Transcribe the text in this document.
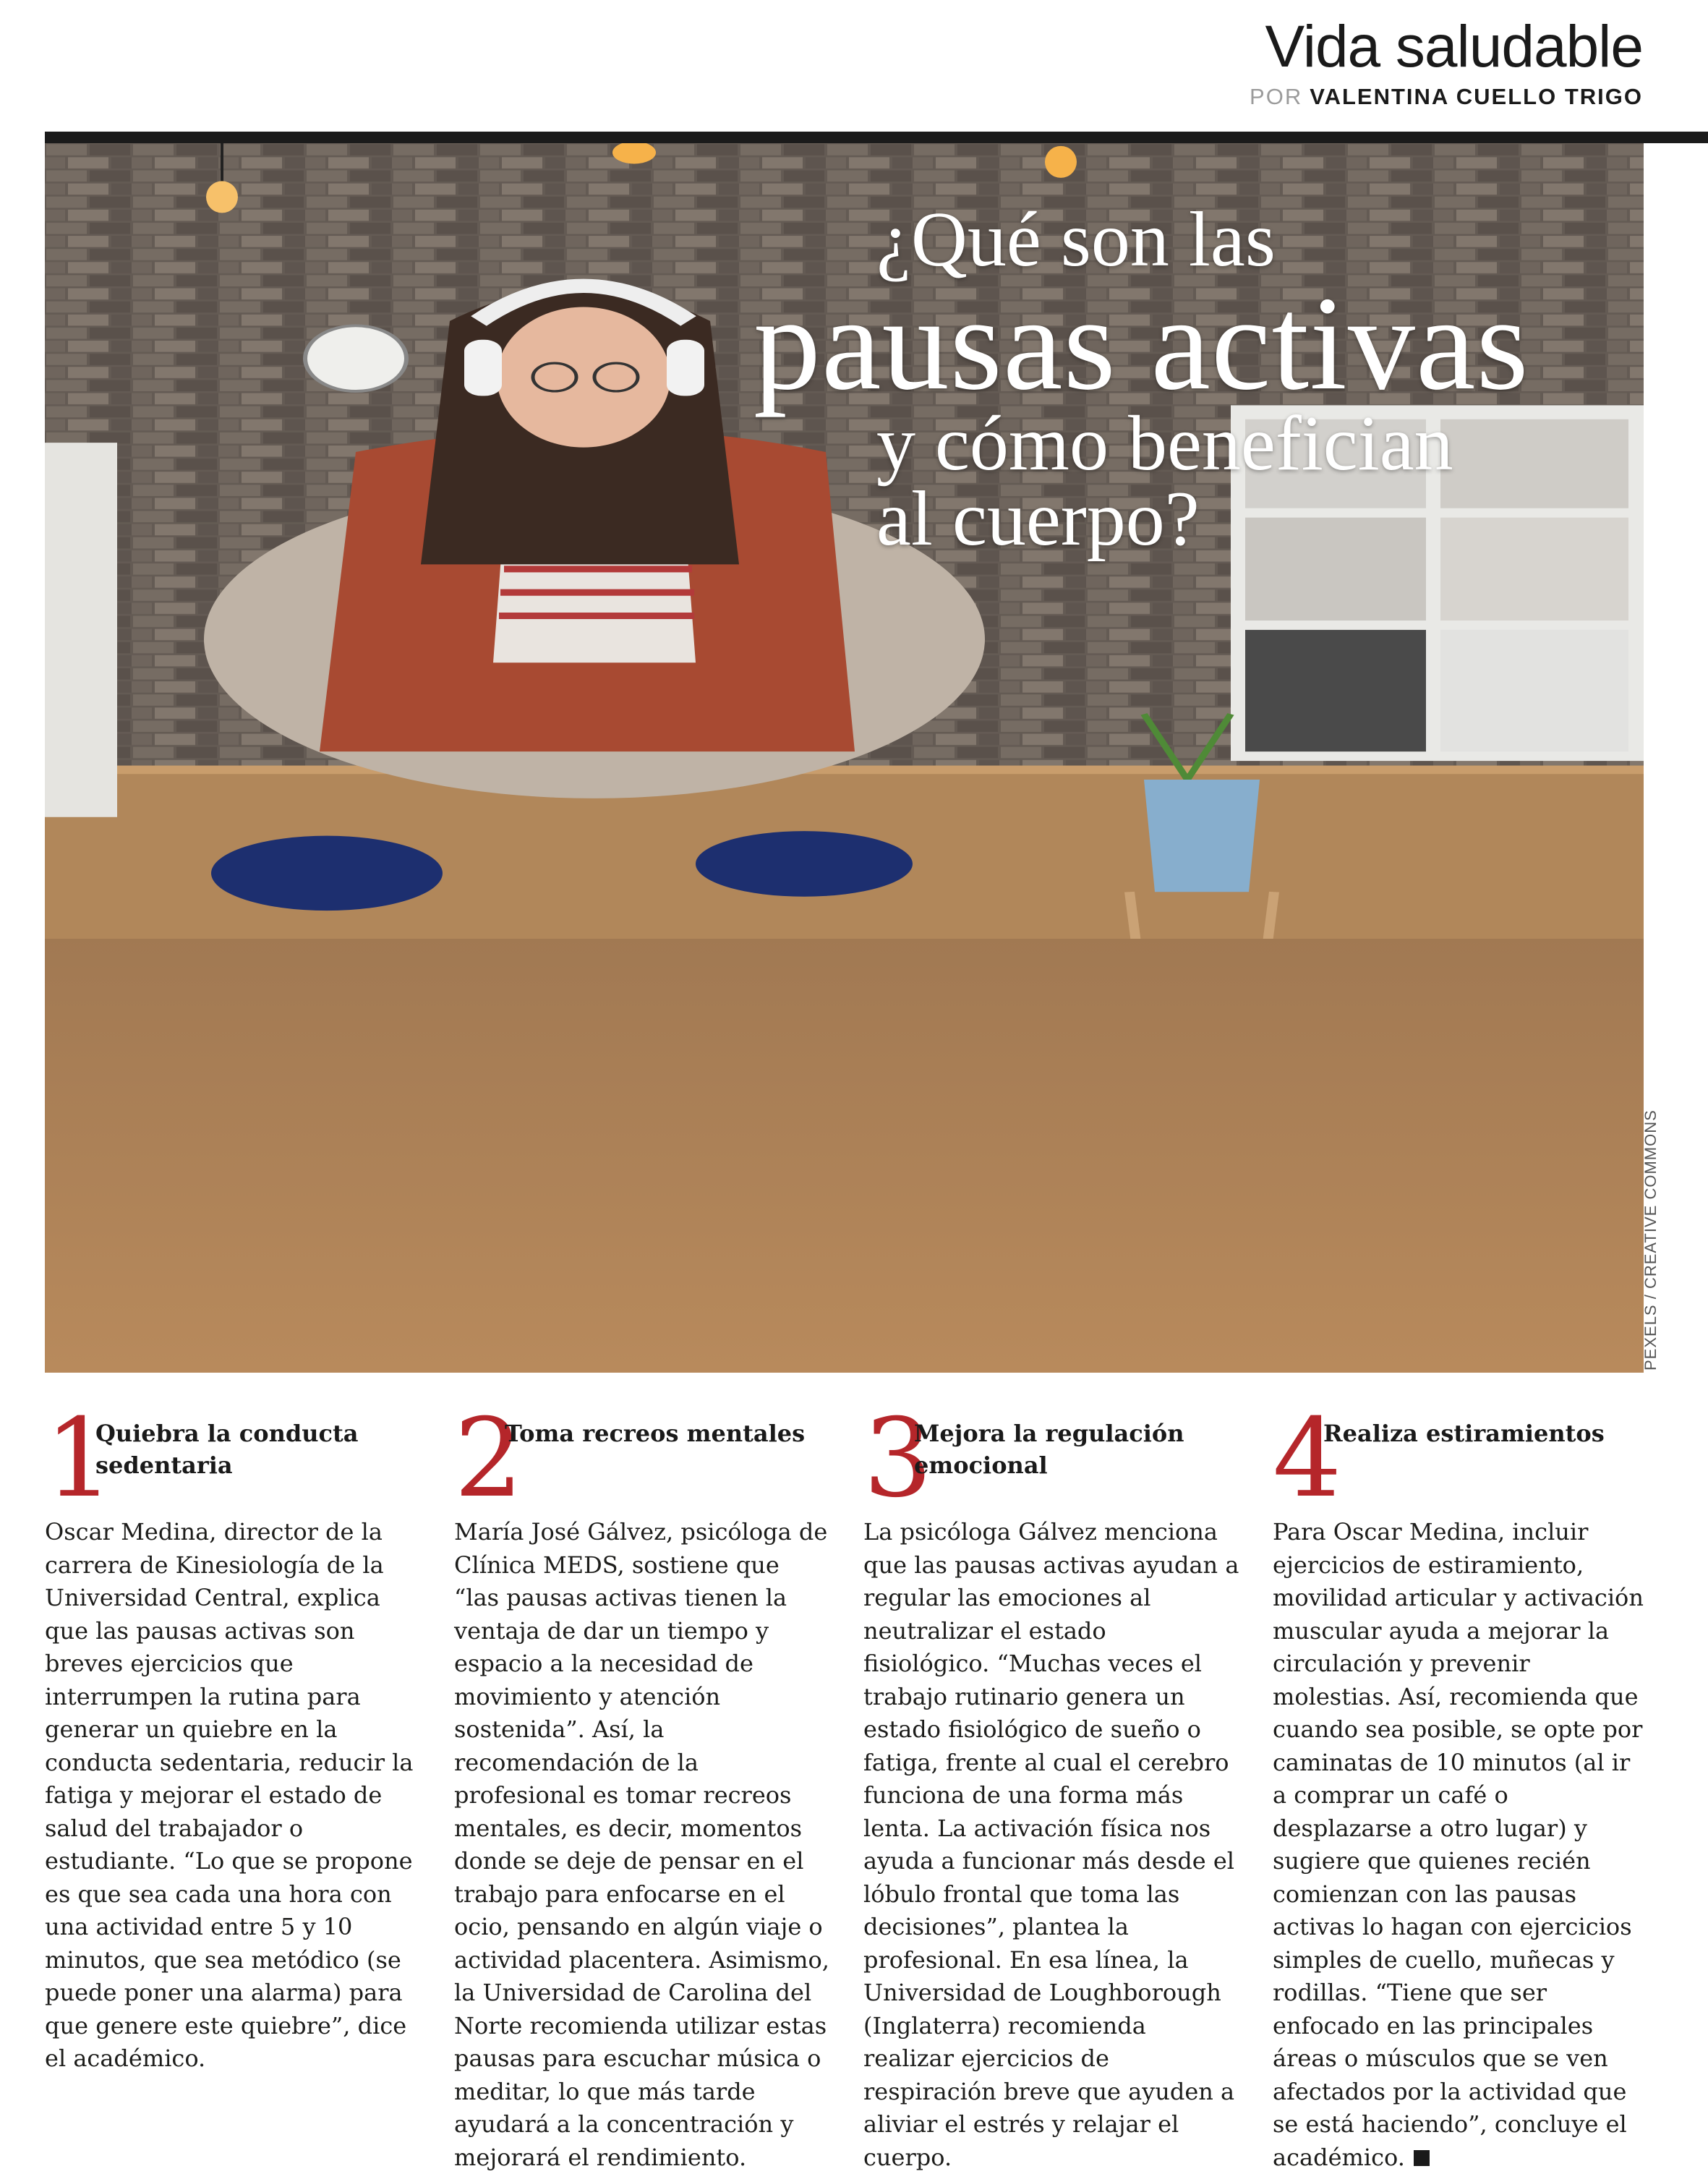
Vida saludable
POR VALENTINA CUELLO TRIGO
¿Qué son las
pausas activas
y cómo benefician
al cuerpo?
PEXELS / CREATIVE COMMONS
1
Quiebra la conducta sedentaria

Oscar Medina, director de la carrera de Kinesiología de la Universidad Central, explica que las pausas activas son breves ejercicios que interrumpen la rutina para generar un quiebre en la conducta sedentaria, reducir la fatiga y mejorar el estado de salud del trabajador o estudiante. “Lo que se propone es que sea cada una hora con una actividad entre 5 y 10 minutos, que sea metódico (se puede poner una alarma) para que genere este quiebre”, dice el académico.

2
Toma recreos mentales

María José Gálvez, psicóloga de Clínica MEDS, sostiene que “las pausas activas tienen la ventaja de dar un tiempo y espacio a la necesidad de movimiento y atención sostenida”. Así, la recomendación de la profesional es tomar recreos mentales, es decir, momentos donde se deje de pensar en el trabajo para enfocarse en el ocio, pensando en algún viaje o actividad placentera. Asimismo, la Universidad de Carolina del Norte recomienda utilizar estas pausas para escuchar música o meditar, lo que más tarde ayudará a la concentración y mejorará el rendimiento.

3
Mejora la regulación emocional

La psicóloga Gálvez menciona que las pausas activas ayudan a regular las emociones al neutralizar el estado fisiológico. “Muchas veces el trabajo rutinario genera un estado fisiológico de sueño o fatiga, frente al cual el cerebro funciona de una forma más lenta. La activación física nos ayuda a funcionar más desde el lóbulo frontal que toma las decisiones”, plantea la profesional. En esa línea, la Universidad de Loughborough (Inglaterra) recomienda realizar ejercicios de respiración breve que ayuden a aliviar el estrés y relajar el cuerpo.

4
Realiza estiramientos

Para Oscar Medina, incluir ejercicios de estiramiento, movilidad articular y activación muscular ayuda a mejorar la circulación y prevenir molestias. Así, recomienda que cuando sea posible, se opte por caminatas de 10 minutos (al ir a comprar un café o desplazarse a otro lugar) y sugiere que quienes recién comienzan con las pausas activas lo hagan con ejercicios simples de cuello, muñecas y rodillas. “Tiene que ser enfocado en las principales áreas o músculos que se ven afectados por la actividad que se está haciendo”, concluye el académico.
